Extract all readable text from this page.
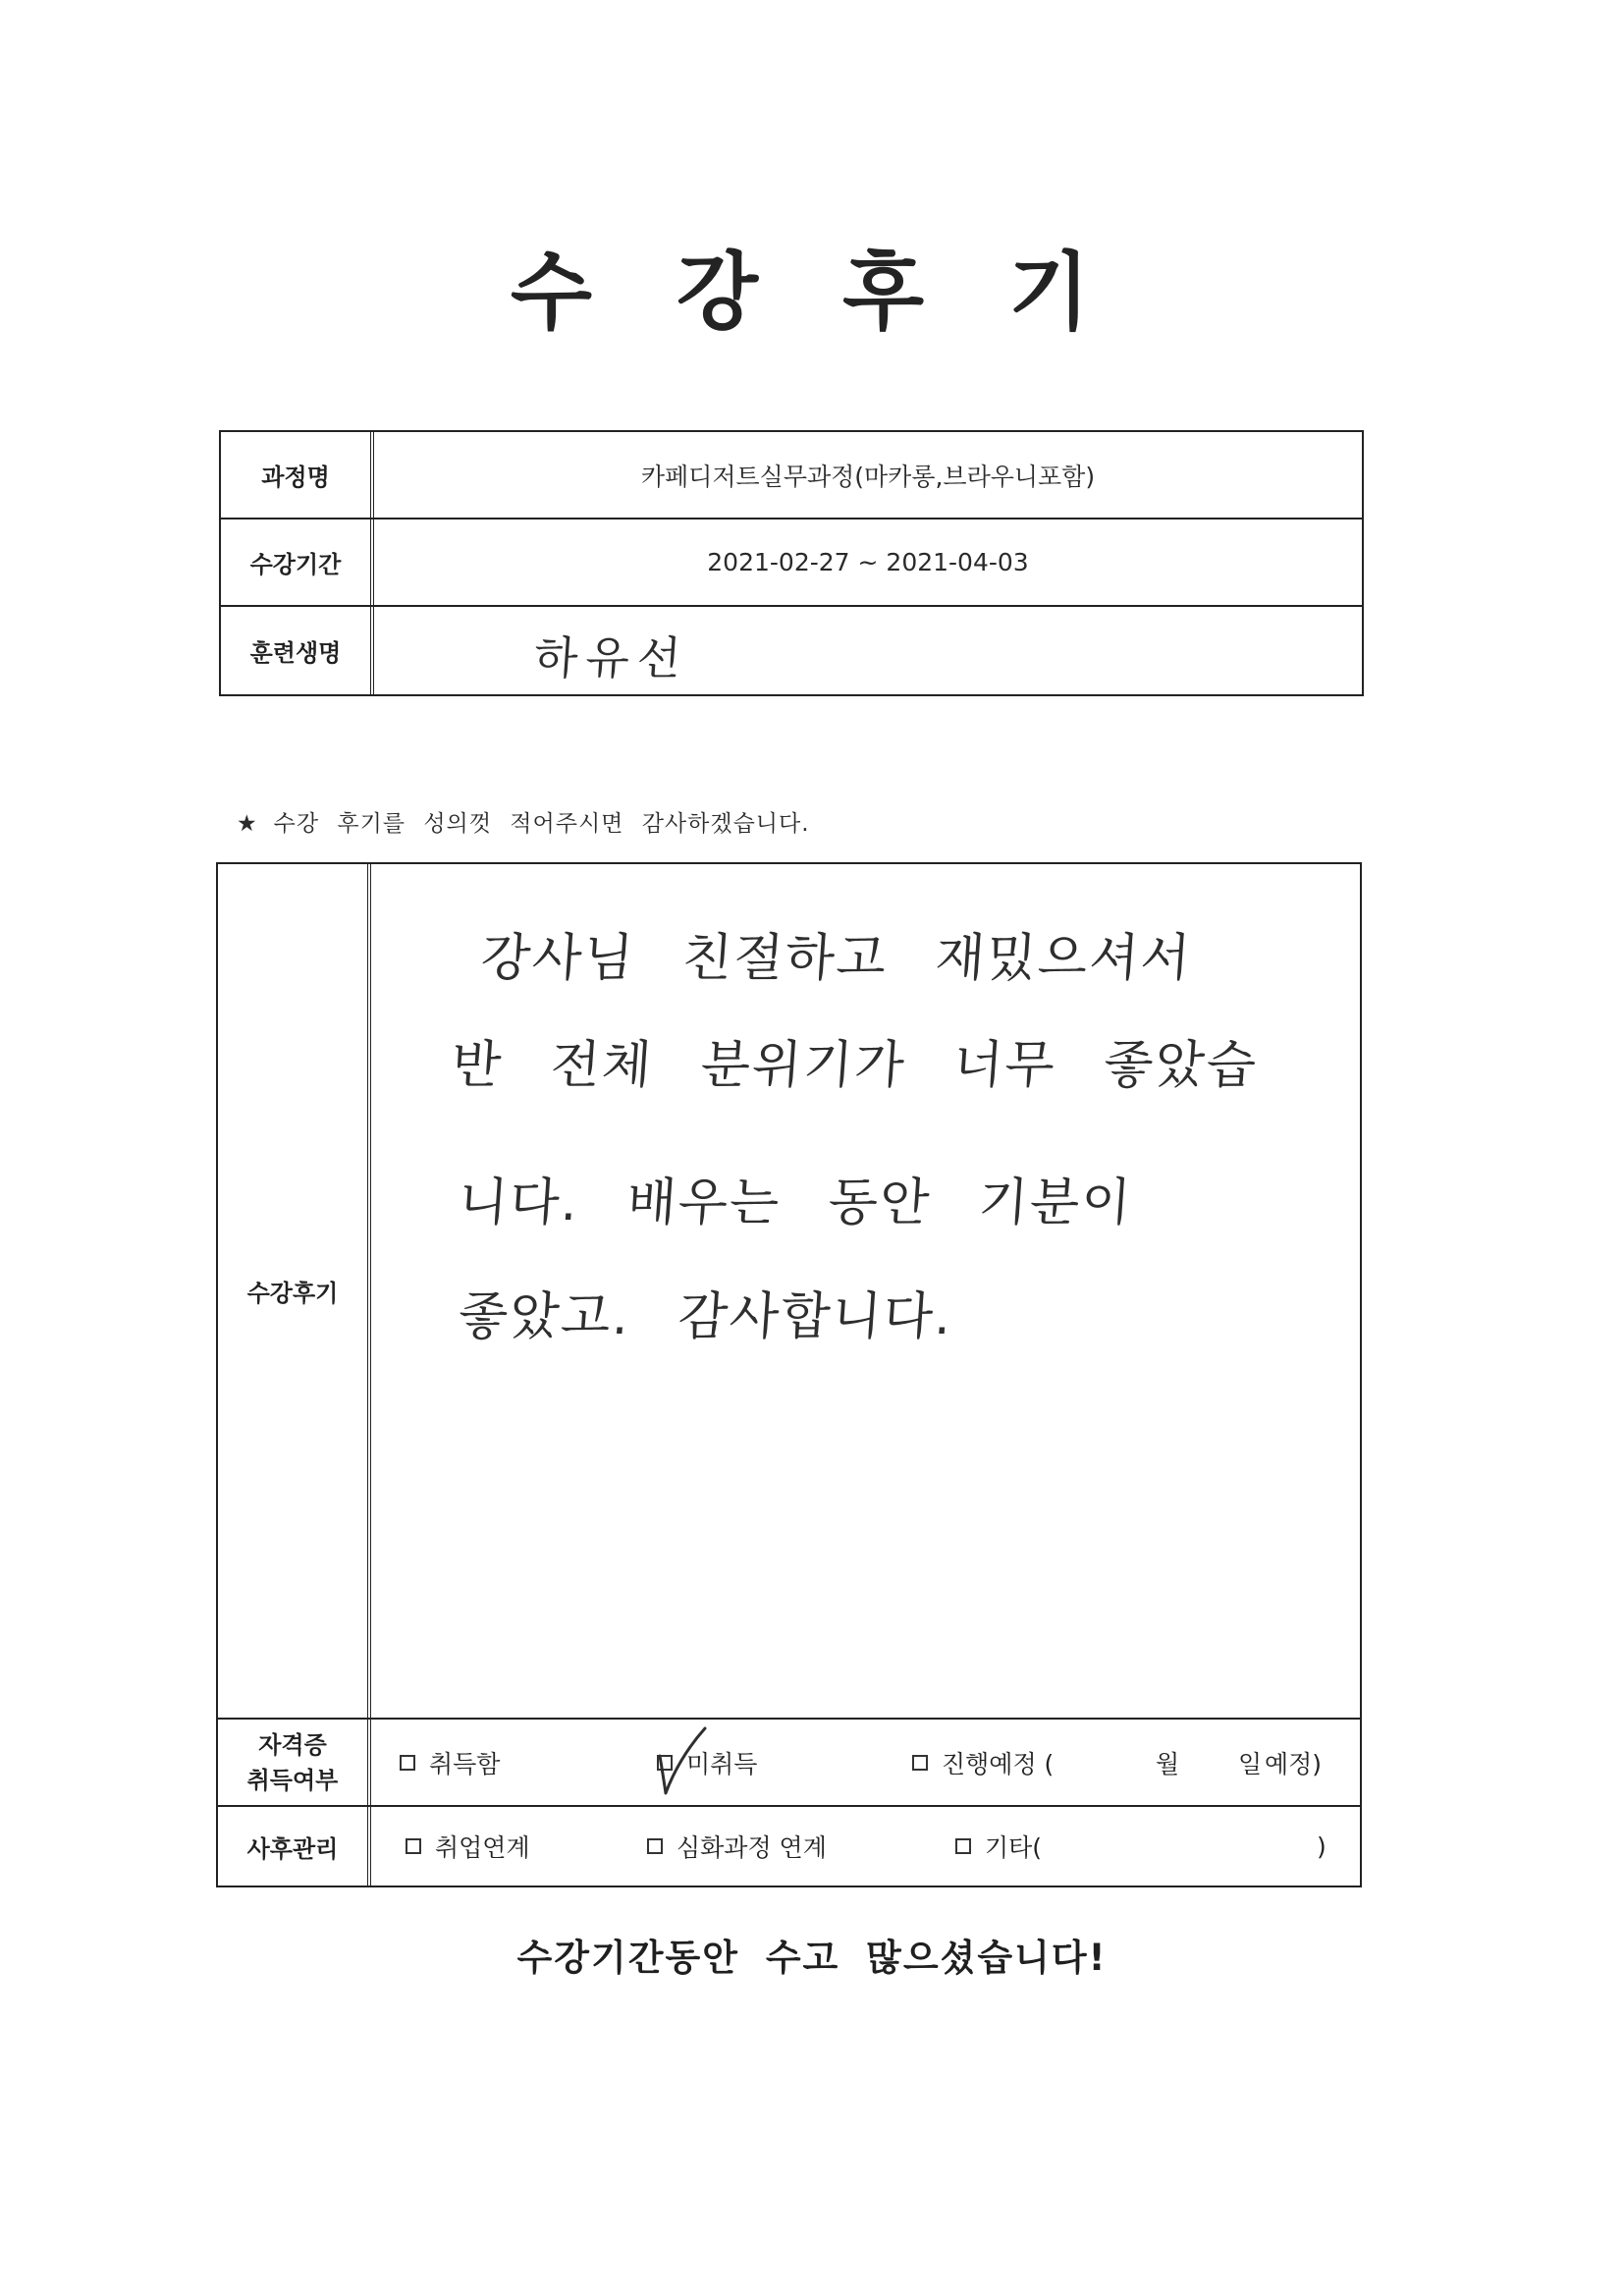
수 강 후 기
과정명	카페디저트실무과정(마카롱,브라우니포함)
수강기간	2021-02-27 ~ 2021-04-03
훈련생명	하유선
★ 수강 후기를 성의껏 적어주시면 감사하겠습니다.
수강후기
강사님 친절하고 재밌으셔서
반 전체 분위기가 너무 좋았습
니다. 배우는 동안 기분이
좋았고. 감사합니다.
자격증
취득여부
취득함	미취득	진행예정 (	월 일 예정)
사후관리	취업연계	심화과정 연계	기타(	)
수강기간동안 수고 많으셨습니다!
